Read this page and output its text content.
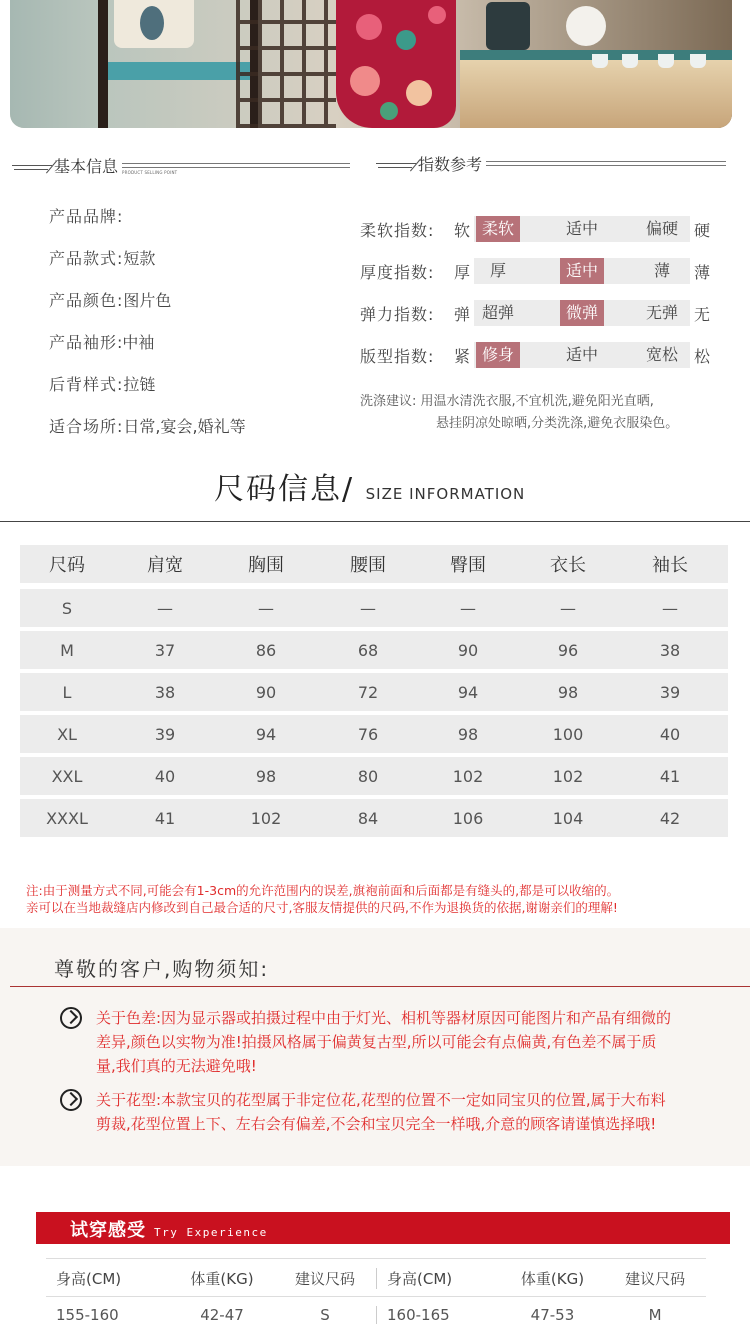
基本信息 PRODUCT SELLING POINT	指数参考
产品品牌:
产品款式: 短款
产品颜色: 图片色
产品袖形 :中袖
后背样式: 拉链
适合场所: 日常,宴会,婚礼等
柔软指数:	软 柔软	适中	偏硬 硬
厚度指数:	厚	厚	适中	薄	薄
弹力指数:	弹 超弹	微弹	无弹 无
版型指数:	紧 修身	适中	宽松 松
洗涤建议: 用温水清洗衣服,不宜机洗,避免阳光直晒,
悬挂阴凉处晾晒,分类洗涤,避免衣服染色。
尺码信息/ SIZE INFORMATION
尺码	肩宽	胸围	腰围	臀围	衣长	袖长
S	—	—	—	—	—	—
M	37	86	68	90	96	38
L	38	90	72	94	98	39
XL	39	94	76	98	100	40
XXL	40	98	80	102	102	41
XXXL	41	102	84	106	104	42
注:由于测量方式不同,可能会有1-3cm的允许范围内的误差,旗袍前面和后面都是有缝头的,都是可以收缩的。
亲可以在当地裁缝店内修改到自己最合适的尺寸,客服友情提供的尺码,不作为退换货的依据,谢谢亲们的理解!
尊敬的客户,购物须知:
关于色差:因为显示器或拍摄过程中由于灯光、相机等器材原因可能图片和产品有细微的差异,颜色以实物为准!拍摄风格属于偏黄复古型,所以可能会有点偏黄,有色差不属于质量,我们真的无法避免哦!
关于花型:本款宝贝的花型属于非定位花,花型的位置不一定如同宝贝的位置,属于大布料剪裁,花型位置上下、左右会有偏差,不会和宝贝完全一样哦,介意的顾客请谨慎选择哦!
试穿感受 Try Experience
身高(CM)	体重(KG)	建议尺码	身高(CM)	体重(KG)	建议尺码
155-160	42-47	S	160-165	47-53	M
